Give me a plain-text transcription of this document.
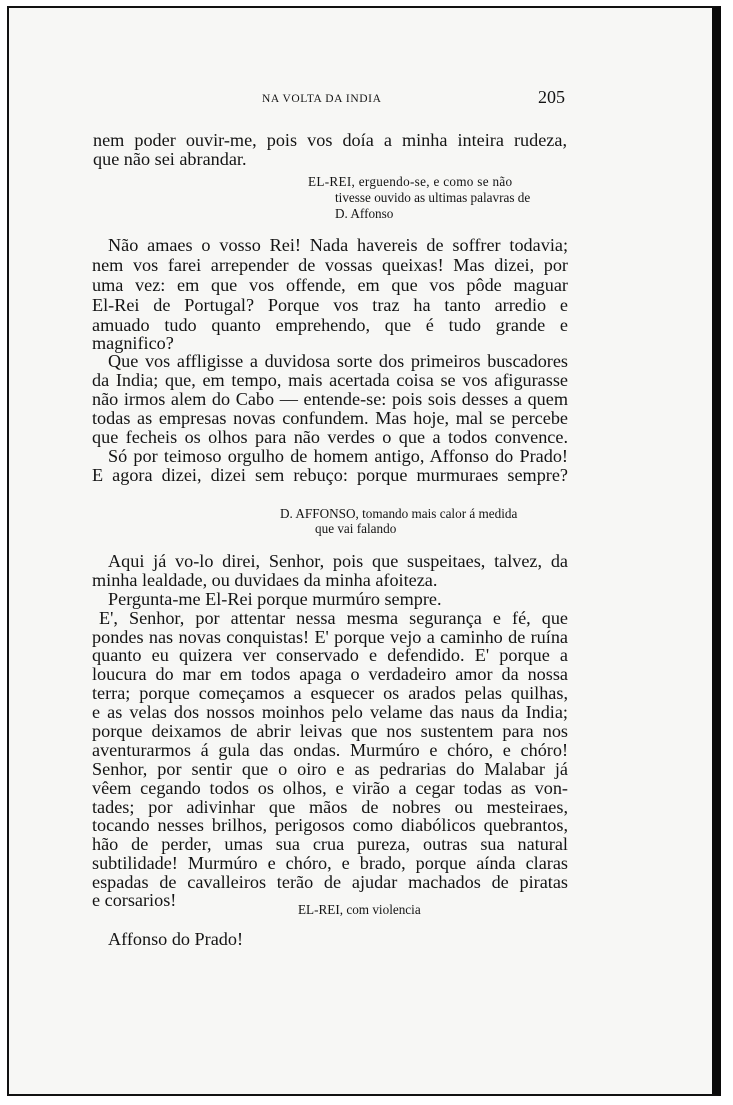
NA VOLTA DA INDIA	205
nem poder ouvir-me, pois vos doía a minha inteira rudeza,
que não sei abrandar.
EL-REI, erguendo-se, e como se não
tivesse ouvido as ultimas palavras de
D. Affonso
Não amaes o vosso Rei! Nada havereis de soffrer todavia;
nem vos farei arrepender de vossas queixas! Mas dizei, por
uma vez: em que vos offende, em que vos pôde maguar
El-Rei de Portugal? Porque vos traz ha tanto arredio e
amuado tudo quanto emprehendo, que é tudo grande e
magnifico?
Que vos affligisse a duvidosa sorte dos primeiros buscadores
da India; que, em tempo, mais acertada coisa se vos afigurasse
não irmos alem do Cabo — entende-se: pois sois desses a quem
todas as empresas novas confundem. Mas hoje, mal se percebe
que fecheis os olhos para não verdes o que a todos convence.
Só por teimoso orgulho de homem antigo, Affonso do Prado!
E agora dizei, dizei sem rebuço: porque murmuraes sempre?
D. AFFONSO, tomando mais calor á medida
que vai falando
Aqui já vo-lo direi, Senhor, pois que suspeitaes, talvez, da
minha lealdade, ou duvidaes da minha afoiteza.
Pergunta-me El-Rei porque murmúro sempre.
E', Senhor, por attentar nessa mesma segurança e fé, que
pondes nas novas conquistas! E' porque vejo a caminho de ruína
quanto eu quizera ver conservado e defendido. E' porque a
loucura do mar em todos apaga o verdadeiro amor da nossa
terra; porque começamos a esquecer os arados pelas quilhas,
e as velas dos nossos moinhos pelo velame das naus da India;
porque deixamos de abrir leivas que nos sustentem para nos
aventurarmos á gula das ondas. Murmúro e chóro, e chóro!
Senhor, por sentir que o oiro e as pedrarias do Malabar já
vêem cegando todos os olhos, e virão a cegar todas as von-
tades; por adivinhar que mãos de nobres ou mesteiraes,
tocando nesses brilhos, perigosos como diabólicos quebrantos,
hão de perder, umas sua crua pureza, outras sua natural
subtilidade! Murmúro e chóro, e brado, porque aínda claras
espadas de cavalleiros terão de ajudar machados de piratas
e corsarios!	EL-REI, com violencia
Affonso do Prado!
